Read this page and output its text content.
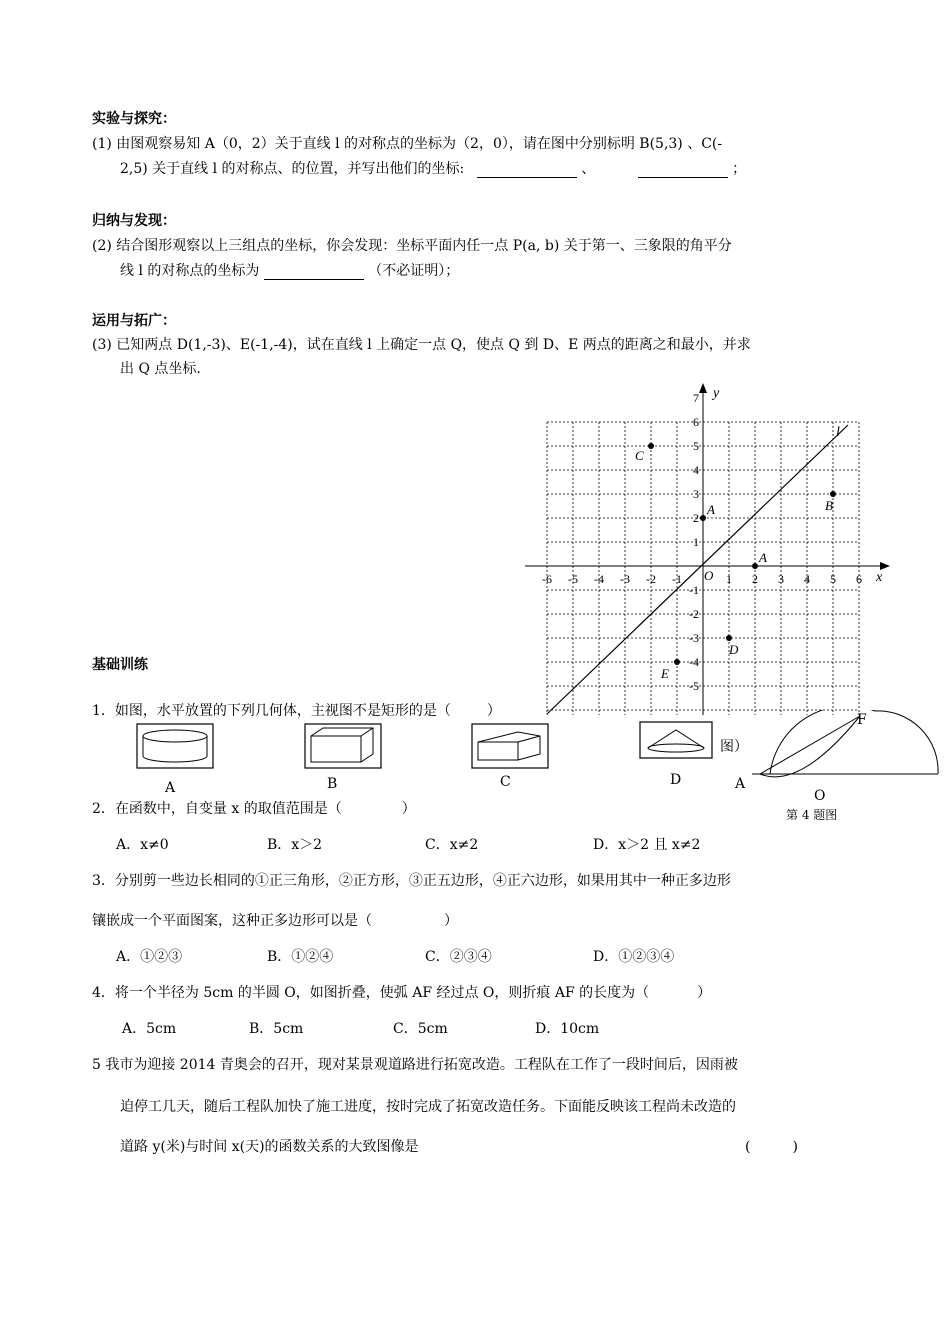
实验与探究：
(1) 由图观察易知 A（0，2）关于直线 l 的对称点的坐标为（2，0），请在图中分别标明 B(5,3) 、C(-
2,5) 关于直线 l 的对称点、的位置，并写出他们的坐标:	、	；
归纳与发现：
(2) 结合图形观察以上三组点的坐标，你会发现：坐标平面内任一点 P(a, b) 关于第一、三象限的角平分
线 l 的对称点的坐标为	（不必证明）；
运用与拓广：
(3) 已知两点 D(1,-3)、E(-1,-4)，试在直线 l 上确定一点 Q，使点 Q 到 D、E 两点的距离之和最小，并求
出 Q 点坐标.
x
y
O
l
-6 -5 -4 -3 -2 -1	1 2 3 4 5 6
7
6
5
4
3
2
1
-1
-2
-3
-4
-5
C
A	B
A
D
E
基础训练
1．如图，水平放置的下列几何体，主视图不是矩形的是（	）
A	B	C	D
图）
F
A
O
第 4 题图
2．在函数中，自变量 x 的取值范围是（	）
A．x≠0	B．x＞2	C．x≠2	D．x＞2 且 x≠2
3．分别剪一些边长相同的①正三角形，②正方形，③正五边形，④正六边形，如果用其中一种正多边形
镶嵌成一个平面图案，这种正多边形可以是（	）
A．①②③	B．①②④	C．②③④	D．①②③④
4．将一个半径为 5cm 的半圆 O，如图折叠，使弧 AF 经过点 O，则折痕 AF 的长度为（	）
A．5cm	B．5cm	C．5cm	D．10cm
5 我市为迎接 2014 青奥会的召开，现对某景观道路进行拓宽改造。工程队在工作了一段时间后，因雨被
迫停工几天，随后工程队加快了施工进度，按时完成了拓宽改造任务。下面能反映该工程尚未改造的
道路 y(米)与时间 x(天)的函数关系的大致图像是	(　　　)
